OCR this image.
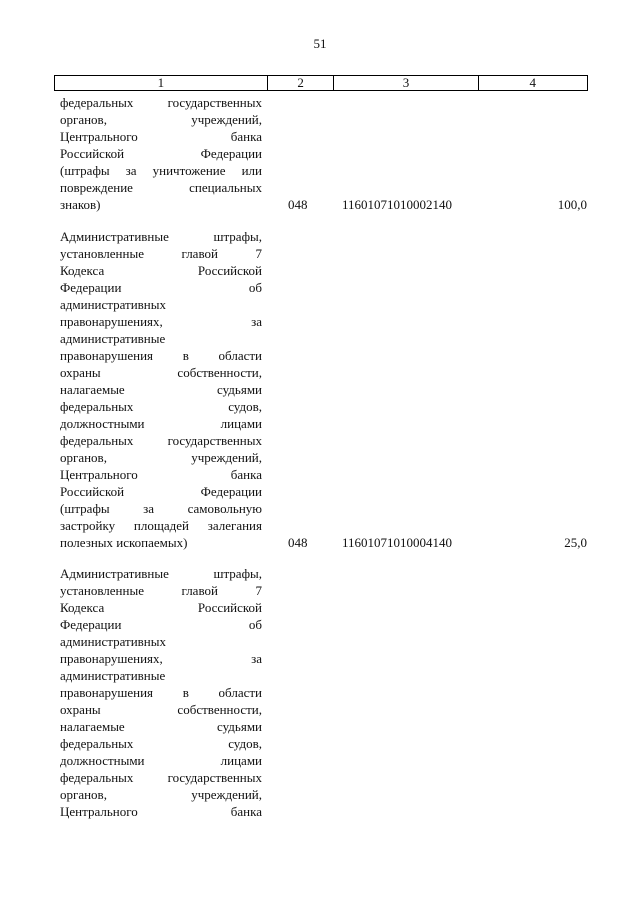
51
1	2	3	4
федеральных государственных
органов, учреждений,
Центрального банка
Российской Федерации
(штрафы за уничтожение или
повреждение специальных
знаков)	048	11601071010002140	100,0
Административные штрафы,
установленные главой 7
Кодекса Российской
Федерации об
административных
правонарушениях, за
административные
правонарушения в области
охраны собственности,
налагаемые судьями
федеральных судов,
должностными лицами
федеральных государственных
органов, учреждений,
Центрального банка
Российской Федерации
(штрафы за самовольную
застройку площадей залегания
полезных ископаемых)	048	11601071010004140	25,0
Административные штрафы,
установленные главой 7
Кодекса Российской
Федерации об
административных
правонарушениях, за
административные
правонарушения в области
охраны собственности,
налагаемые судьями
федеральных судов,
должностными лицами
федеральных государственных
органов, учреждений,
Центрального банка
